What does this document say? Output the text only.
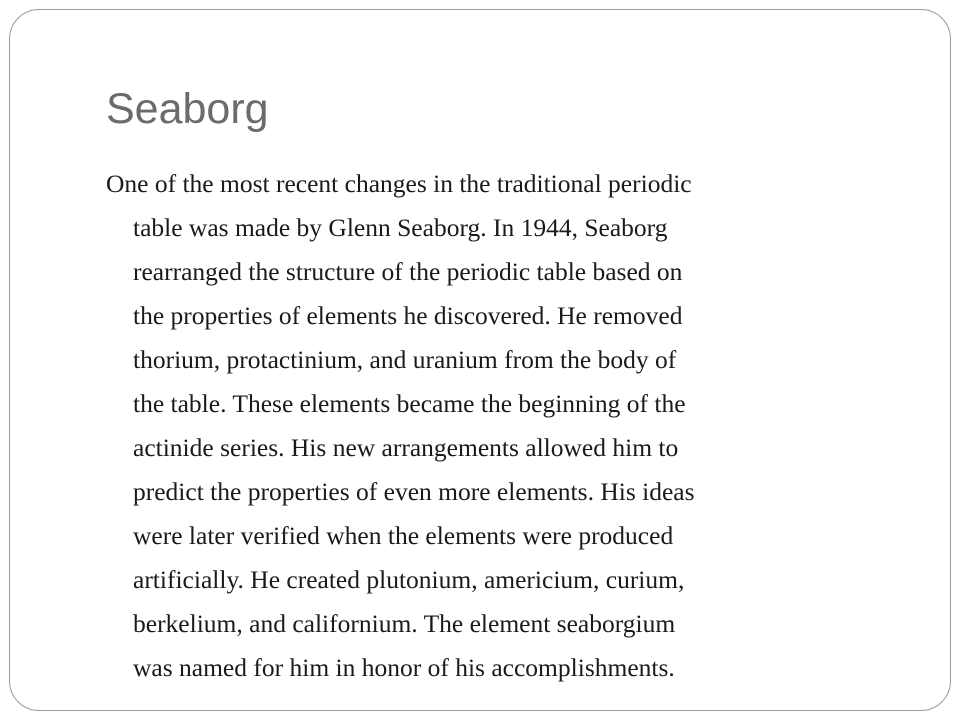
Seaborg

One of the most recent changes in the traditional periodic
table was made by Glenn Seaborg. In 1944, Seaborg
rearranged the structure of the periodic table based on
the properties of elements he discovered. He removed
thorium, protactinium, and uranium from the body of
the table. These elements became the beginning of the
actinide series. His new arrangements allowed him to
predict the properties of even more elements. His ideas
were later verified when the elements were produced
artificially. He created plutonium, americium, curium,
berkelium, and californium. The element seaborgium
was named for him in honor of his accomplishments.
